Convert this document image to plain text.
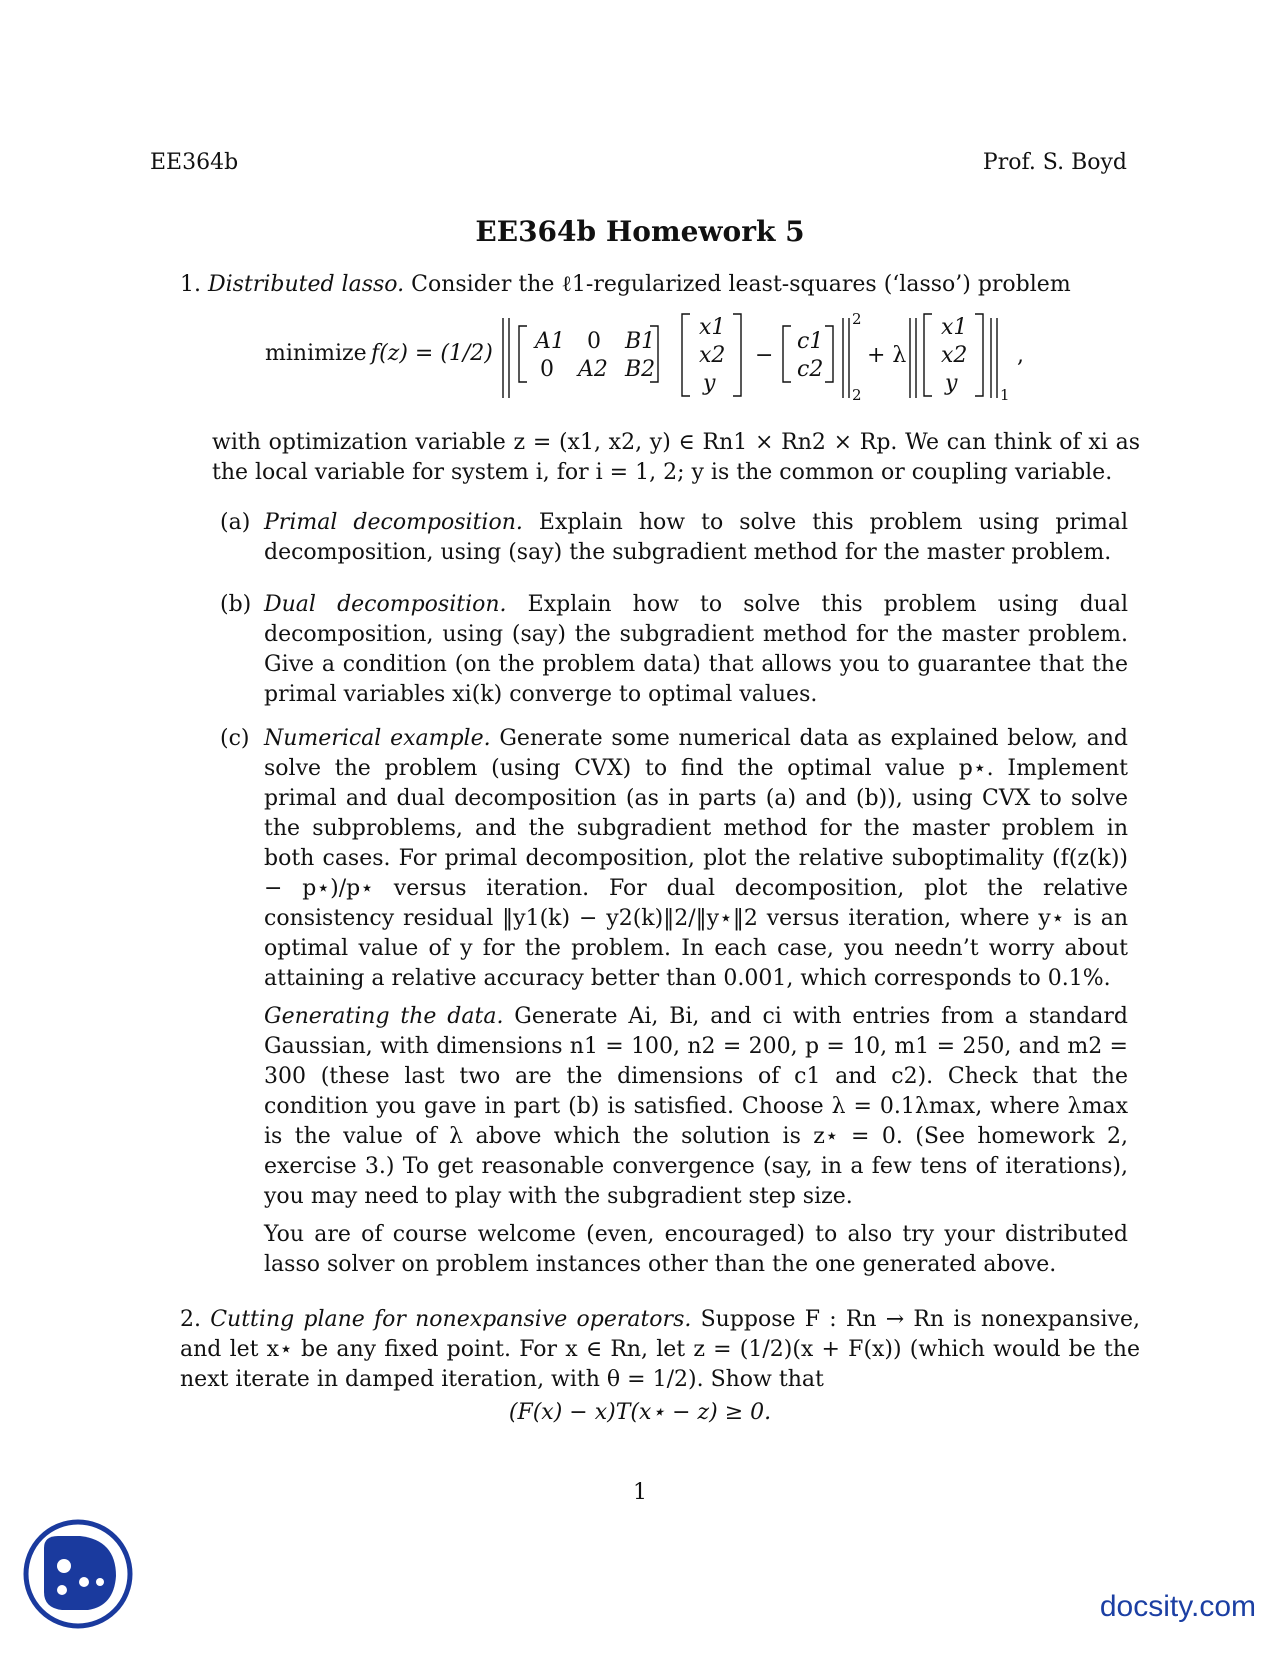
EE364b	Prof. S. Boyd
EE364b Homework 5
1. Distributed lasso. Consider the ℓ1-regularized least-squares (‘lasso’) problem
minimize f(z) = (1/2) A1 0 B1
0 A2 B2
x1
x2
y
−
c1
c2
2
2
+ λ
x1
x2
y	1
,
with optimization variable z = (x1, x2, y) ∈ Rn1 × Rn2 × Rp. We can think of xi as the local variable for system i, for i = 1, 2; y is the common or coupling variable.
(a) Primal decomposition. Explain how to solve this problem using primal decomposition, using (say) the subgradient method for the master problem.
(b) Dual decomposition. Explain how to solve this problem using dual decomposition, using (say) the subgradient method for the master problem. Give a condition (on the problem data) that allows you to guarantee that the primal variables xi(k) converge to optimal values.
(c) Numerical example. Generate some numerical data as explained below, and solve the problem (using CVX) to find the optimal value p⋆. Implement primal and dual decomposition (as in parts (a) and (b)), using CVX to solve the subproblems, and the subgradient method for the master problem in both cases. For primal decomposition, plot the relative suboptimality (f(z(k)) − p⋆)/p⋆ versus iteration. For dual decomposition, plot the relative consistency residual ‖y1(k) − y2(k)‖2/‖y⋆‖2 versus iteration, where y⋆ is an optimal value of y for the problem. In each case, you needn’t worry about attaining a relative accuracy better than 0.001, which corresponds to 0.1%.
Generating the data. Generate Ai, Bi, and ci with entries from a standard Gaussian, with dimensions n1 = 100, n2 = 200, p = 10, m1 = 250, and m2 = 300 (these last two are the dimensions of c1 and c2). Check that the condition you gave in part (b) is satisfied. Choose λ = 0.1λmax, where λmax is the value of λ above which the solution is z⋆ = 0. (See homework 2, exercise 3.) To get reasonable convergence (say, in a few tens of iterations), you may need to play with the subgradient step size.
You are of course welcome (even, encouraged) to also try your distributed lasso solver on problem instances other than the one generated above.
2. Cutting plane for nonexpansive operators. Suppose F : Rn → Rn is nonexpansive, and let x⋆ be any fixed point. For x ∈ Rn, let z = (1/2)(x + F(x)) (which would be the next iterate in damped iteration, with θ = 1/2). Show that
(F(x) − x)T(x⋆ − z) ≥ 0.
1
docsity.com
